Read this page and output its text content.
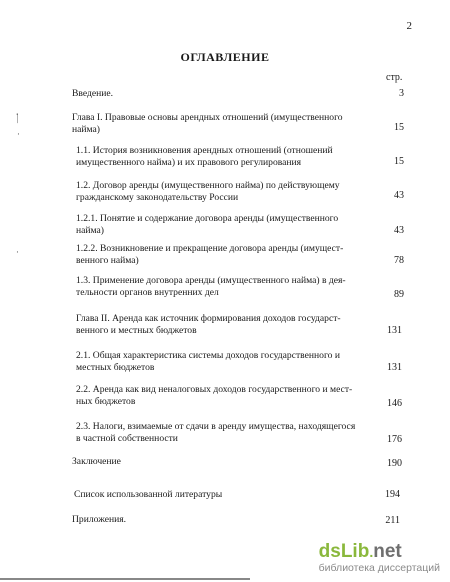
2
ОГЛАВЛЕНИЕ
стр.
ᛙ
·
·
Введение.	3
Глава I. Правовые основы арендных отношений (имущественного
найма)	15
1.1. История возникновения арендных отношений (отношений
имущественного найма) и их правового регулирования	15
1.2. Договор аренды (имущественного найма) по действующему
гражданскому законодательству России	43
1.2.1. Понятие и содержание договора аренды (имущественного
найма)	43
1.2.2. Возникновение и прекращение договора аренды (имущест-
венного найма)	78
1.3. Применение договора аренды (имущественного найма) в дея-
тельности органов внутренних дел	89
Глава II. Аренда как источник формирования доходов государст-
венного и местных бюджетов	131
2.1. Общая характеристика системы доходов государственного и
местных бюджетов	131
2.2. Аренда как вид неналоговых доходов государственного и мест-
ных бюджетов	146
2.3. Налоги, взимаемые от сдачи в аренду имущества, находящегося
в частной собственности	176
Заключение	190
Список использованной литературы	194
Приложения.	211
dsLib.net
библиотека диссертаций
